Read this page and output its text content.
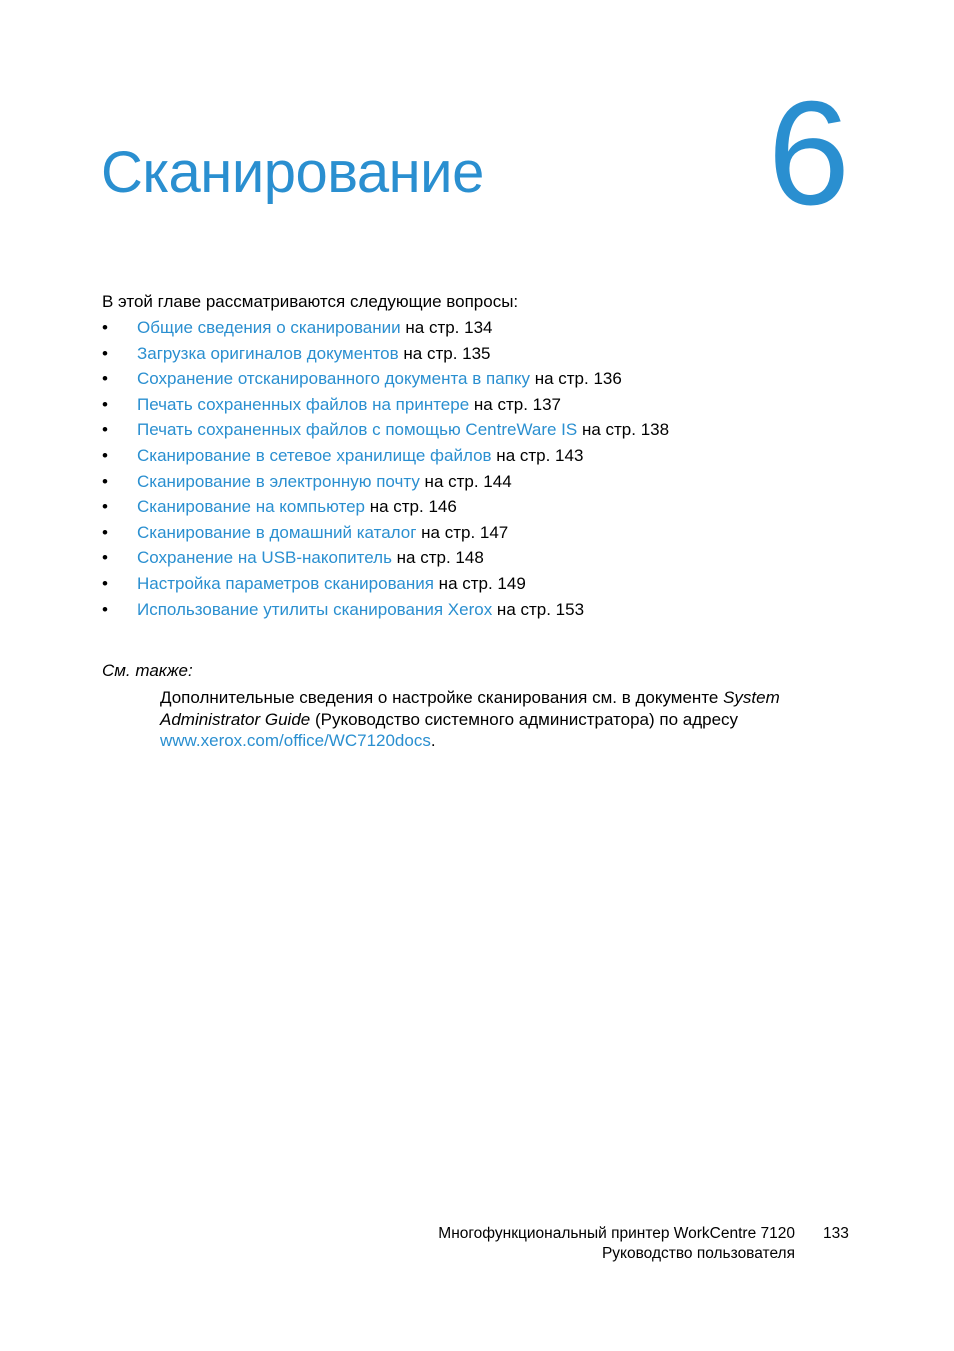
Сканирование 6

В этой главе рассматриваются следующие вопросы:

• Общие сведения о сканировании на стр. 134
• Загрузка оригиналов документов на стр. 135
• Сохранение отсканированного документа в папку на стр. 136
• Печать сохраненных файлов на принтере на стр. 137
• Печать сохраненных файлов с помощью CentreWare IS на стр. 138
• Сканирование в сетевое хранилище файлов на стр. 143
• Сканирование в электронную почту на стр. 144
• Сканирование на компьютер на стр. 146
• Сканирование в домашний каталог на стр. 147
• Сохранение на USB-накопитель на стр. 148
• Настройка параметров сканирования на стр. 149
• Использование утилиты сканирования Xerox на стр. 153

См. также:

Дополнительные сведения о настройке сканирования см. в документе System Administrator Guide (Руководство системного администратора) по адресу www.xerox.com/office/WC7120docs.

Многофункциональный принтер WorkCentre 7120
Руководство пользователя
133
